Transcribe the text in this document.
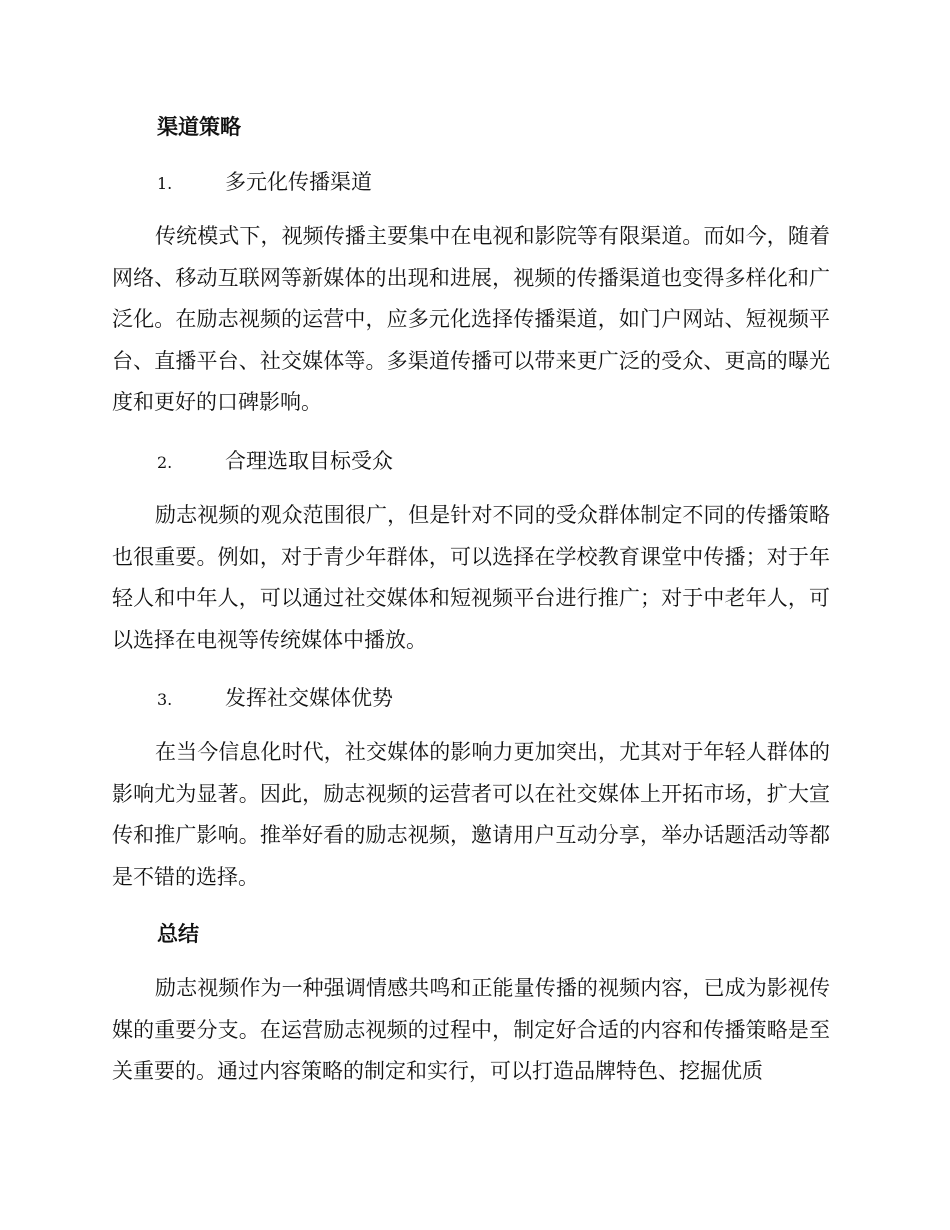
渠道策略

1.	多元化传播渠道

传统模式下，视频传播主要集中在电视和影院等有限渠道。而如今，随着网络、移动互联网等新媒体的出现和进展，视频的传播渠道也变得多样化和广泛化。在励志视频的运营中，应多元化选择传播渠道，如门户网站、短视频平台、直播平台、社交媒体等。多渠道传播可以带来更广泛的受众、更高的曝光度和更好的口碑影响。

2.	合理选取目标受众

励志视频的观众范围很广，但是针对不同的受众群体制定不同的传播策略也很重要。例如，对于青少年群体，可以选择在学校教育课堂中传播；对于年轻人和中年人，可以通过社交媒体和短视频平台进行推广；对于中老年人，可以选择在电视等传统媒体中播放。

3.	发挥社交媒体优势

在当今信息化时代，社交媒体的影响力更加突出，尤其对于年轻人群体的影响尤为显著。因此，励志视频的运营者可以在社交媒体上开拓市场，扩大宣传和推广影响。推举好看的励志视频，邀请用户互动分享，举办话题活动等都是不错的选择。

总结

励志视频作为一种强调情感共鸣和正能量传播的视频内容，已成为影视传媒的重要分支。在运营励志视频的过程中，制定好合适的内容和传播策略是至关重要的。通过内容策略的制定和实行，可以打造品牌特色、挖掘优质
